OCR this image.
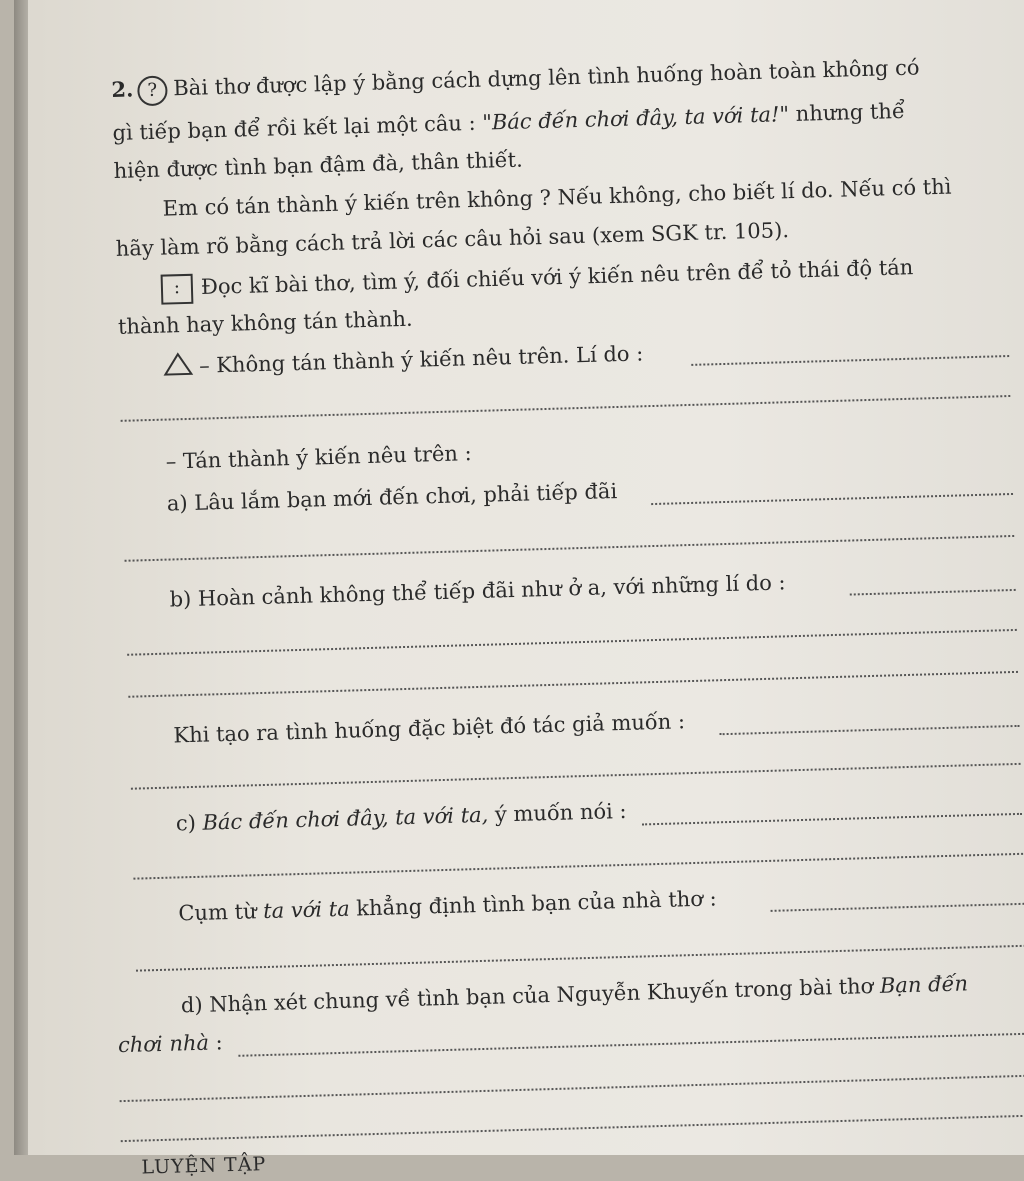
2. ? Bài thơ được lập ý bằng cách dựng lên tình huống hoàn toàn không có
gì tiếp bạn để rồi kết lại một câu : "Bác đến chơi đây, ta với ta!" nhưng thể
hiện được tình bạn đậm đà, thân thiết.
Em có tán thành ý kiến trên không ? Nếu không, cho biết lí do. Nếu có thì
hãy làm rõ bằng cách trả lời các câu hỏi sau (xem SGK tr. 105).
: Đọc kĩ bài thơ, tìm ý, đối chiếu với ý kiến nêu trên để tỏ thái độ tán
thành hay không tán thành.
– Không tán thành ý kiến nêu trên. Lí do :
– Tán thành ý kiến nêu trên :
a) Lâu lắm bạn mới đến chơi, phải tiếp đãi
b) Hoàn cảnh không thể tiếp đãi như ở a, với những lí do :
Khi tạo ra tình huống đặc biệt đó tác giả muốn :
c) Bác đến chơi đây, ta với ta, ý muốn nói :
Cụm từ ta với ta khẳng định tình bạn của nhà thơ :
d) Nhận xét chung về tình bạn của Nguyễn Khuyến trong bài thơ Bạn đến
chơi nhà :
LUYỆN TẬP
